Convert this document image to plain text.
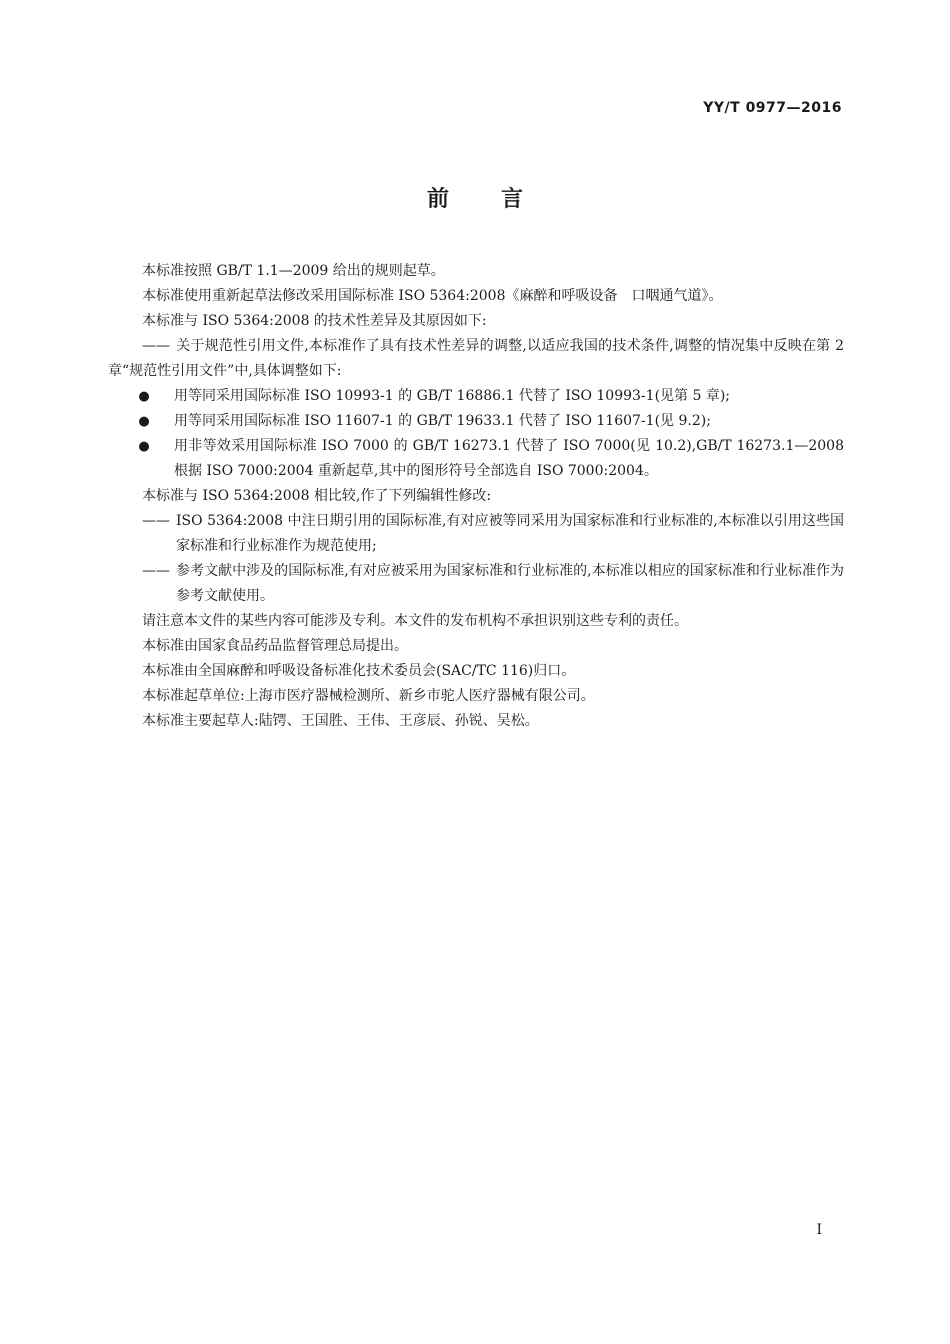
YY/T 0977—2016
前言

本标准按照 GB/T 1.1—2009 给出的规则起草。

本标准使用重新起草法修改采用国际标准 ISO 5364:2008《麻醉和呼吸设备　口咽通气道》。

本标准与 ISO 5364:2008 的技术性差异及其原因如下:

—— 关于规范性引用文件,本标准作了具有技术性差异的调整,以适应我国的技术条件,调整的情况集中反映在第 2 章“规范性引用文件”中,具体调整如下:

● 用等同采用国际标准 ISO 10993-1 的 GB/T 16886.1 代替了 ISO 10993-1(见第 5 章);

● 用等同采用国际标准 ISO 11607-1 的 GB/T 19633.1 代替了 ISO 11607-1(见 9.2);

● 用非等效采用国际标准 ISO 7000 的 GB/T 16273.1 代替了 ISO 7000(见 10.2),GB/T 16273.1—2008 根据 ISO 7000:2004 重新起草,其中的图形符号全部选自 ISO 7000:2004。

本标准与 ISO 5364:2008 相比较,作了下列编辑性修改:

—— ISO 5364:2008 中注日期引用的国际标准,有对应被等同采用为国家标准和行业标准的,本标准以引用这些国家标准和行业标准作为规范使用;

—— 参考文献中涉及的国际标准,有对应被采用为国家标准和行业标准的,本标准以相应的国家标准和行业标准作为参考文献使用。

请注意本文件的某些内容可能涉及专利。本文件的发布机构不承担识别这些专利的责任。

本标准由国家食品药品监督管理总局提出。

本标准由全国麻醉和呼吸设备标准化技术委员会(SAC/TC 116)归口。

本标准起草单位:上海市医疗器械检测所、新乡市驼人医疗器械有限公司。

本标准主要起草人:陆锷、王国胜、王伟、王彦辰、孙锐、吴松。

I
